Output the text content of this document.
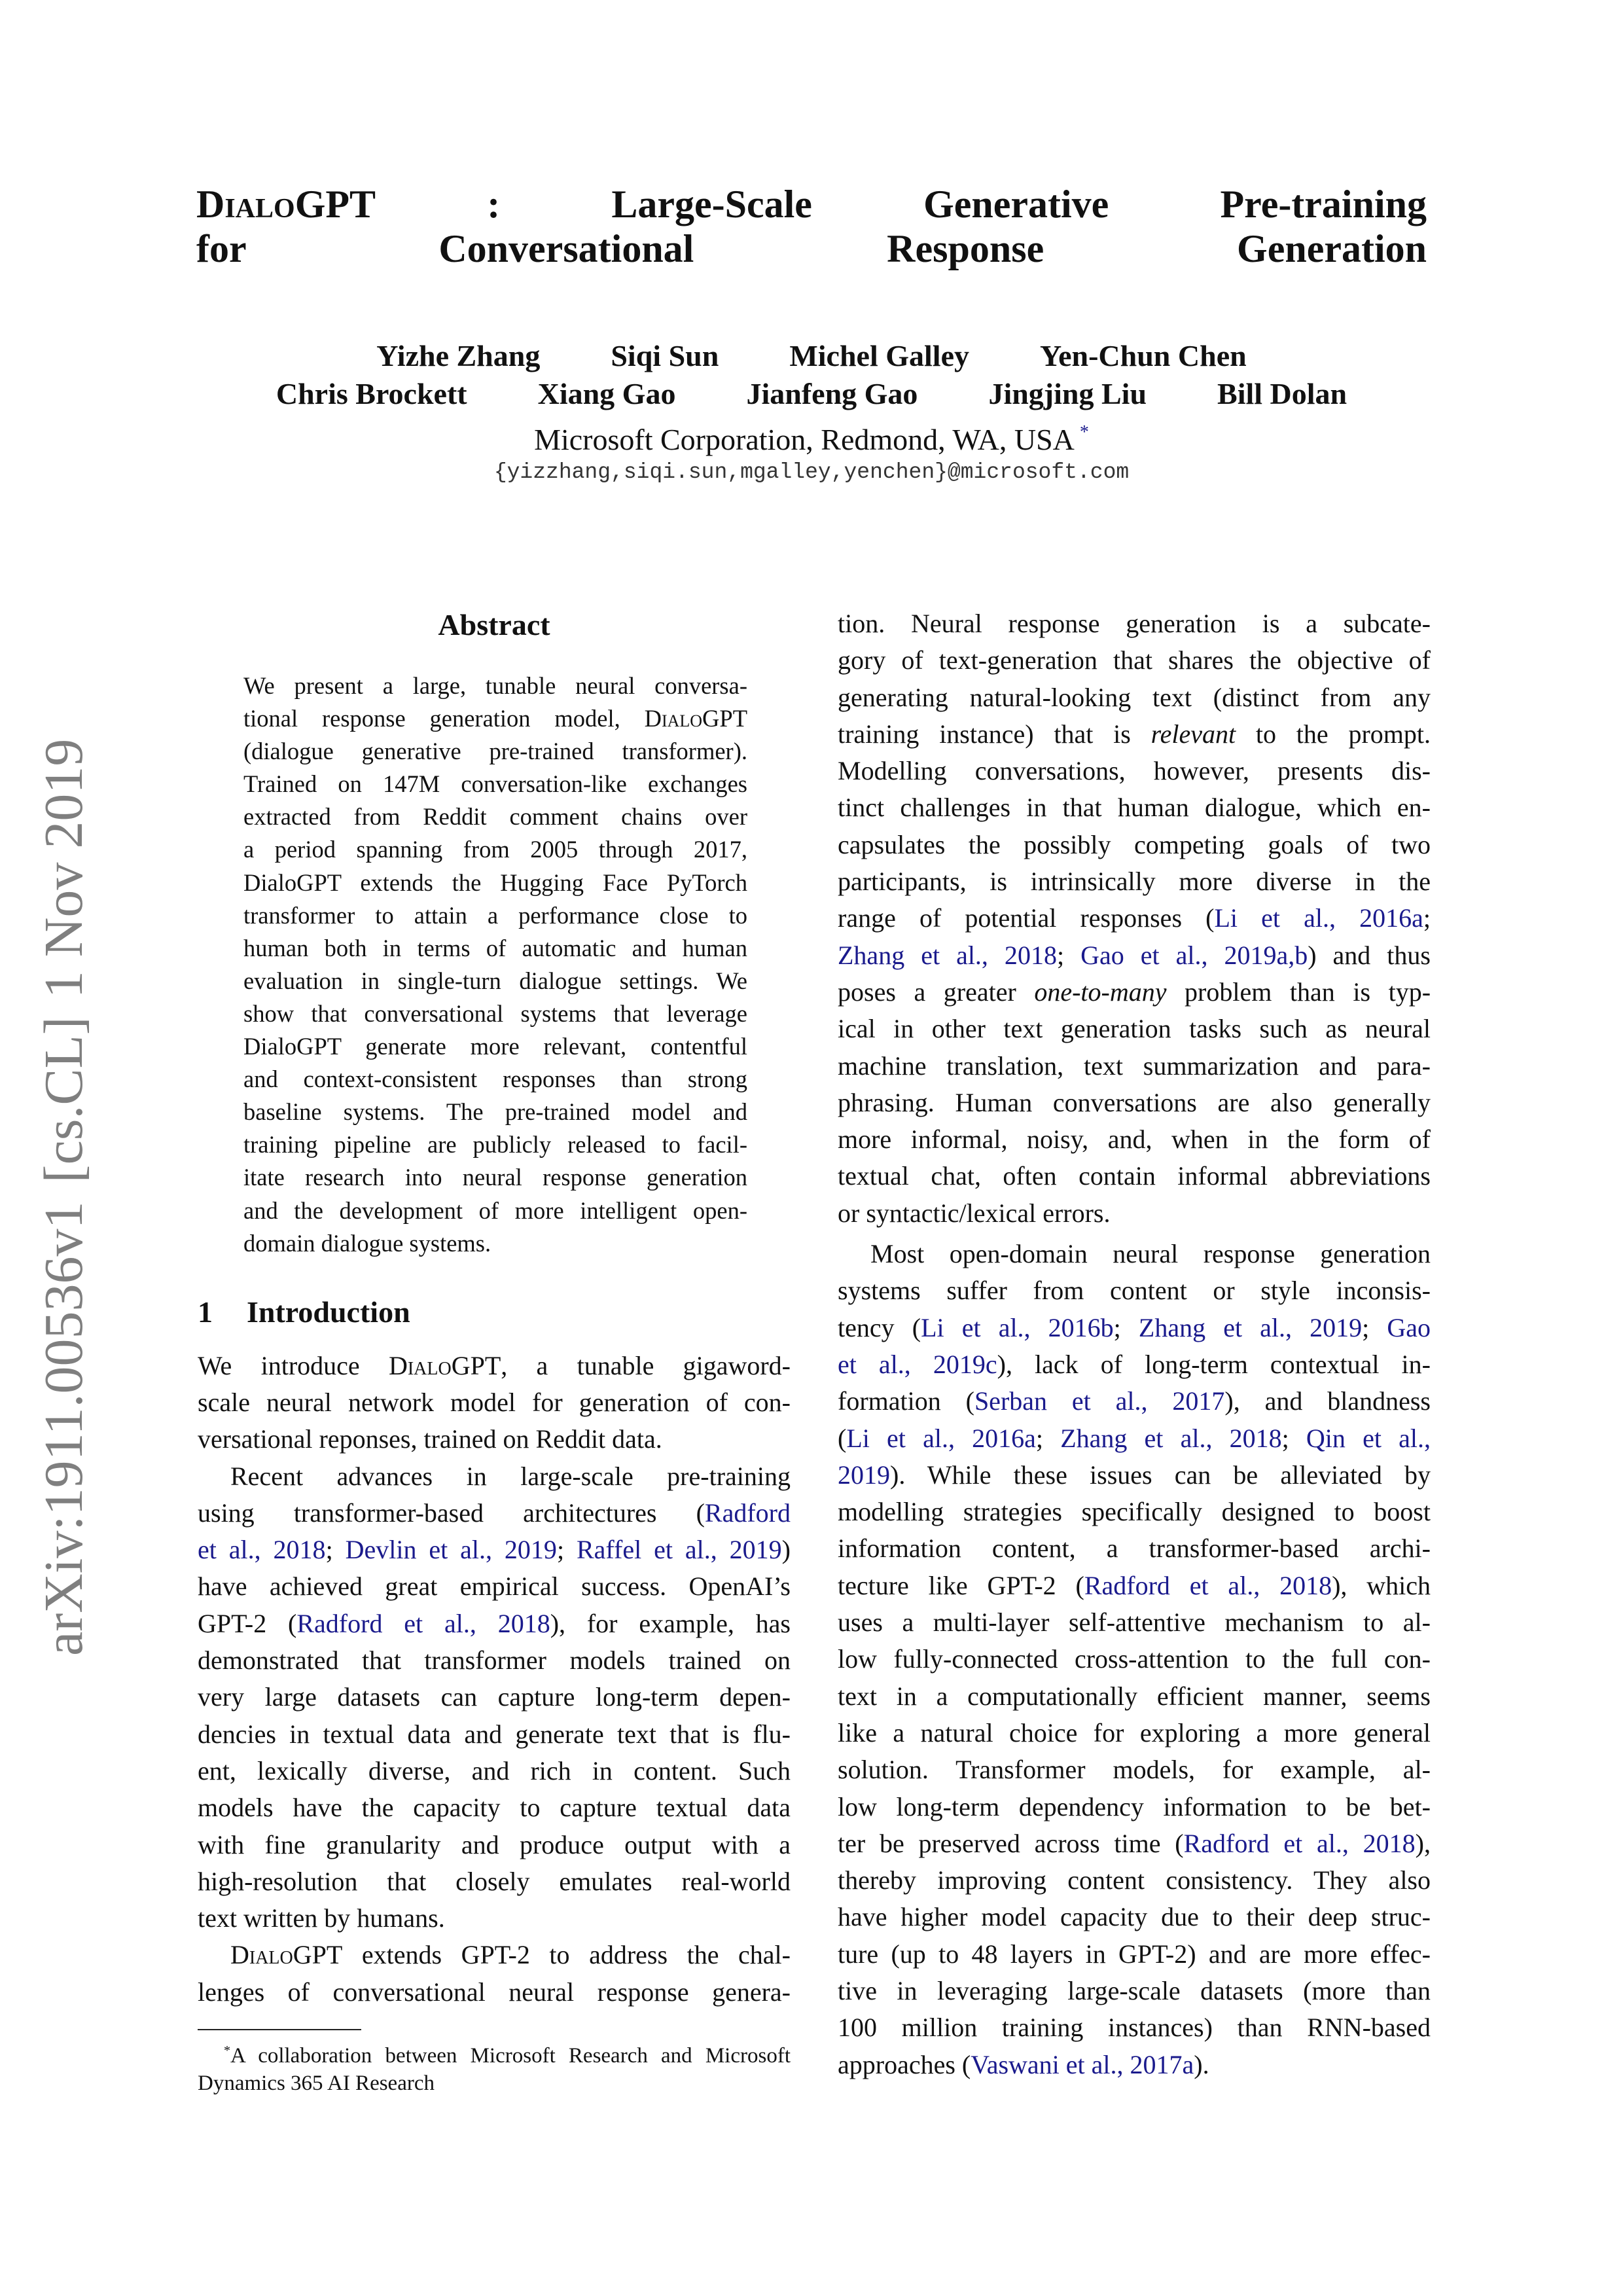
arXiv:1911.00536v1[cs.CL]1 Nov 2019
DialoGPT : Large-Scale Generative Pre-training
for Conversational Response Generation
Yizhe Zhang Siqi Sun Michel Galley Yen-Chun Chen
Chris Brockett Xiang Gao Jianfeng Gao Jingjing Liu Bill Dolan
Microsoft Corporation, Redmond, WA, USA *
{yizzhang,siqi.sun,mgalley,yenchen}@microsoft.com
Abstract
We present a large, tunable neural conversa-
tional response generation model, DialoGPT
(dialogue generative pre-trained transformer).
Trained on 147M conversation-like exchanges
extracted from Reddit comment chains over
a period spanning from 2005 through 2017,
DialoGPT extends the Hugging Face PyTorch
transformer to attain a performance close to
human both in terms of automatic and human
evaluation in single-turn dialogue settings. We
show that conversational systems that leverage
DialoGPT generate more relevant, contentful
and context-consistent responses than strong
baseline systems. The pre-trained model and
training pipeline are publicly released to facil-
itate research into neural response generation
and the development of more intelligent open-
domain dialogue systems.
1 Introduction

We introduce DialoGPT, a tunable gigaword-
scale neural network model for generation of con-
versational reponses, trained on Reddit data.

Recent advances in large-scale pre-training
using transformer-based architectures (Radford
et al., 2018; Devlin et al., 2019; Raffel et al., 2019)
have achieved great empirical success. OpenAI’s
GPT-2 (Radford et al., 2018), for example, has
demonstrated that transformer models trained on
very large datasets can capture long-term depen-
dencies in textual data and generate text that is flu-
ent, lexically diverse, and rich in content. Such
models have the capacity to capture textual data
with fine granularity and produce output with a
high-resolution that closely emulates real-world
text written by humans.

DialoGPT extends GPT-2 to address the chal-
lenges of conversational neural response genera-

*A collaboration between Microsoft Research and Microsoft Dynamics 365 AI Research

tion. Neural response generation is a subcate-
gory of text-generation that shares the objective of
generating natural-looking text (distinct from any
training instance) that is relevant to the prompt.
Modelling conversations, however, presents dis-
tinct challenges in that human dialogue, which en-
capsulates the possibly competing goals of two
participants, is intrinsically more diverse in the
range of potential responses (Li et al., 2016a;
Zhang et al., 2018; Gao et al., 2019a,b) and thus
poses a greater one-to-many problem than is typ-
ical in other text generation tasks such as neural
machine translation, text summarization and para-
phrasing. Human conversations are also generally
more informal, noisy, and, when in the form of
textual chat, often contain informal abbreviations
or syntactic/lexical errors.

Most open-domain neural response generation
systems suffer from content or style inconsis-
tency (Li et al., 2016b; Zhang et al., 2019; Gao
et al., 2019c), lack of long-term contextual in-
formation (Serban et al., 2017), and blandness
(Li et al., 2016a; Zhang et al., 2018; Qin et al.,
2019). While these issues can be alleviated by
modelling strategies specifically designed to boost
information content, a transformer-based archi-
tecture like GPT-2 (Radford et al., 2018), which
uses a multi-layer self-attentive mechanism to al-
low fully-connected cross-attention to the full con-
text in a computationally efficient manner, seems
like a natural choice for exploring a more general
solution. Transformer models, for example, al-
low long-term dependency information to be bet-
ter be preserved across time (Radford et al., 2018),
thereby improving content consistency. They also
have higher model capacity due to their deep struc-
ture (up to 48 layers in GPT-2) and are more effec-
tive in leveraging large-scale datasets (more than
100 million training instances) than RNN-based
approaches (Vaswani et al., 2017a).
